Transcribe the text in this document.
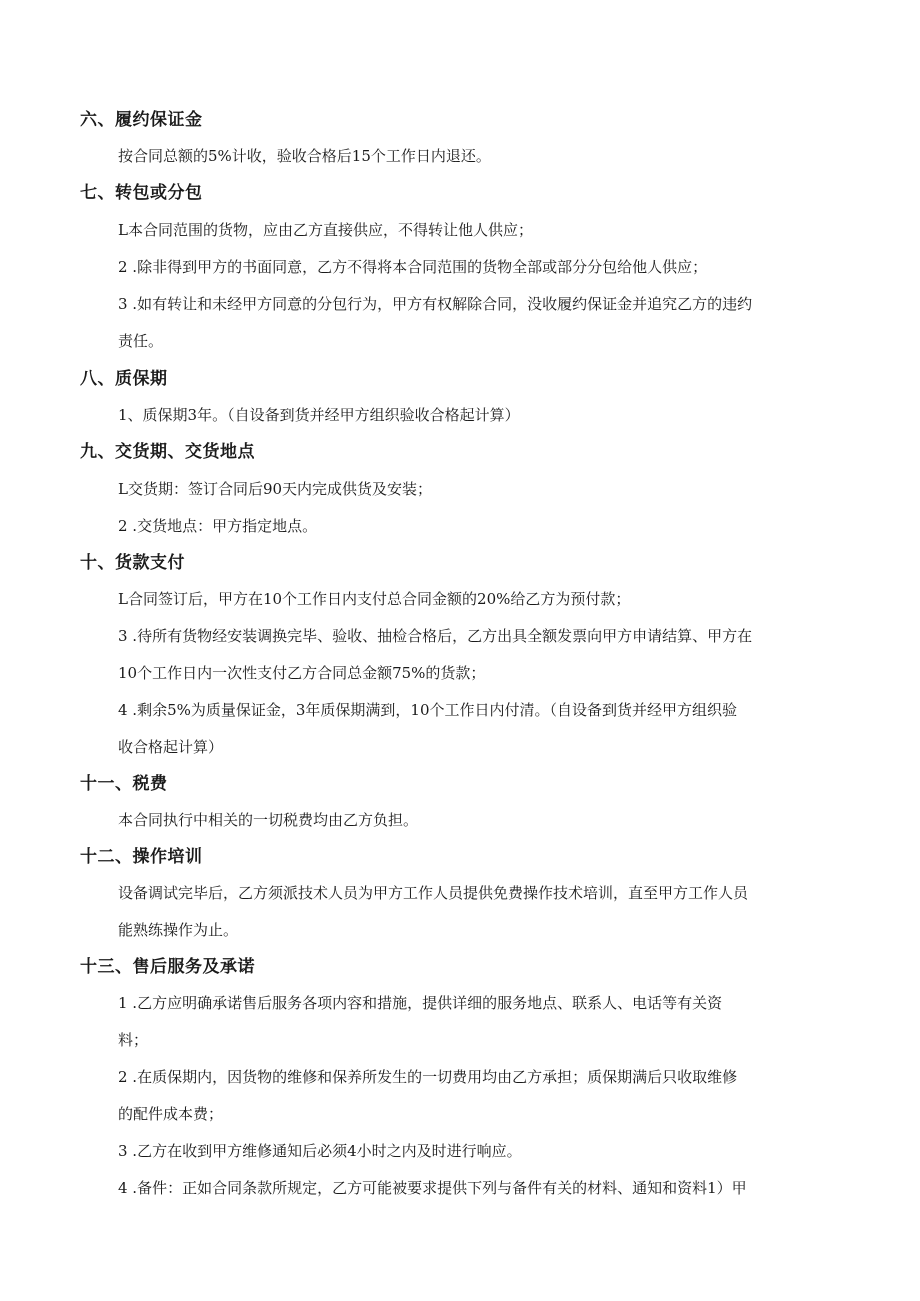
六、履约保证金
按合同总额的5%计收，验收合格后15个工作日内退还。
七、转包或分包
L本合同范围的货物，应由乙方直接供应，不得转让他人供应；
2 .除非得到甲方的书面同意，乙方不得将本合同范围的货物全部或部分分包给他人供应；
3 .如有转让和未经甲方同意的分包行为，甲方有权解除合同，没收履约保证金并追究乙方的违约
责任。
八、质保期
1、质保期3年。（自设备到货并经甲方组织验收合格起计算）
九、交货期、交货地点
L交货期：签订合同后90天内完成供货及安装；
2 .交货地点：甲方指定地点。
十、货款支付
L合同签订后，甲方在10个工作日内支付总合同金额的20%给乙方为预付款；
3 .待所有货物经安装调换完毕、验收、抽检合格后，乙方出具全额发票向甲方申请结算、甲方在
10个工作日内一次性支付乙方合同总金额75%的货款；
4 .剩余5%为质量保证金，3年质保期满到，10个工作日内付清。（自设备到货并经甲方组织验
收合格起计算）
十一、税费
本合同执行中相关的一切税费均由乙方负担。
十二、操作培训
设备调试完毕后，乙方须派技术人员为甲方工作人员提供免费操作技术培训，直至甲方工作人员
能熟练操作为止。
十三、售后服务及承诺
1 .乙方应明确承诺售后服务各项内容和措施，提供详细的服务地点、联系人、电话等有关资
料；
2 .在质保期内，因货物的维修和保养所发生的一切费用均由乙方承担；质保期满后只收取维修
的配件成本费；
3 .乙方在收到甲方维修通知后必须4小时之内及时进行响应。
4 .备件：正如合同条款所规定，乙方可能被要求提供下列与备件有关的材料、通知和资料1）甲
